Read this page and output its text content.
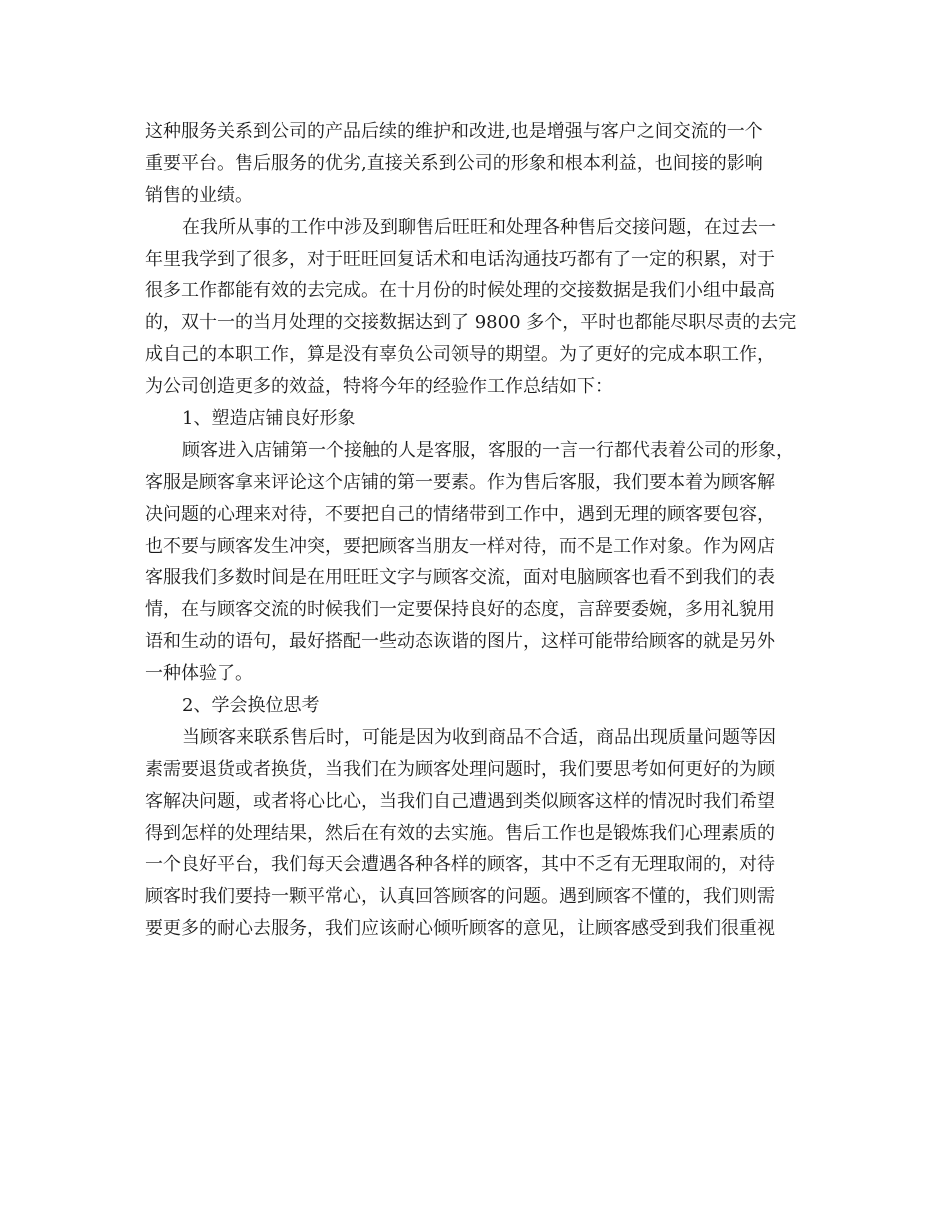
这种服务关系到公司的产品后续的维护和改进,也是增强与客户之间交流的一个
重要平台。售后服务的优劣,直接关系到公司的形象和根本利益，也间接的影响
销售的业绩。
在我所从事的工作中涉及到聊售后旺旺和处理各种售后交接问题，在过去一
年里我学到了很多，对于旺旺回复话术和电话沟通技巧都有了一定的积累，对于
很多工作都能有效的去完成。在十月份的时候处理的交接数据是我们小组中最高
的，双十一的当月处理的交接数据达到了 9800 多个，平时也都能尽职尽责的去完
成自己的本职工作，算是没有辜负公司领导的期望。为了更好的完成本职工作，
为公司创造更多的效益，特将今年的经验作工作总结如下：
1、塑造店铺良好形象
顾客进入店铺第一个接触的人是客服，客服的一言一行都代表着公司的形象，
客服是顾客拿来评论这个店铺的第一要素。作为售后客服，我们要本着为顾客解
决问题的心理来对待，不要把自己的情绪带到工作中，遇到无理的顾客要包容，
也不要与顾客发生冲突，要把顾客当朋友一样对待，而不是工作对象。作为网店
客服我们多数时间是在用旺旺文字与顾客交流，面对电脑顾客也看不到我们的表
情，在与顾客交流的时候我们一定要保持良好的态度，言辞要委婉，多用礼貌用
语和生动的语句，最好搭配一些动态诙谐的图片，这样可能带给顾客的就是另外
一种体验了。
2、学会换位思考
当顾客来联系售后时，可能是因为收到商品不合适，商品出现质量问题等因
素需要退货或者换货，当我们在为顾客处理问题时，我们要思考如何更好的为顾
客解决问题，或者将心比心，当我们自己遭遇到类似顾客这样的情况时我们希望
得到怎样的处理结果，然后在有效的去实施。售后工作也是锻炼我们心理素质的
一个良好平台，我们每天会遭遇各种各样的顾客，其中不乏有无理取闹的，对待
顾客时我们要持一颗平常心，认真回答顾客的问题。遇到顾客不懂的，我们则需
要更多的耐心去服务，我们应该耐心倾听顾客的意见，让顾客感受到我们很重视
